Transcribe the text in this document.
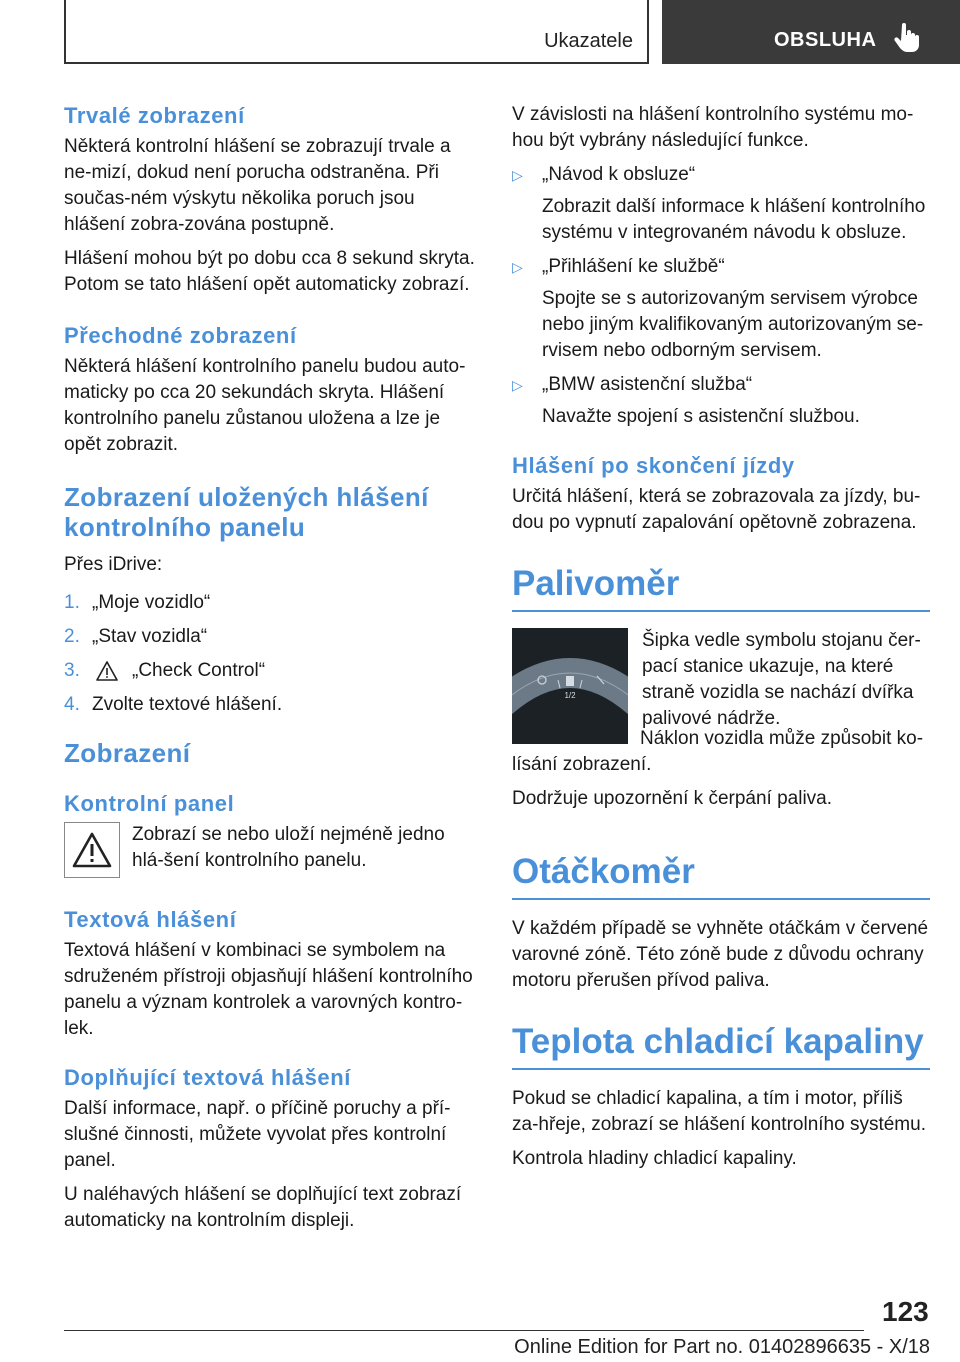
Ukazatele	OBSLUHA
Trvalé zobrazení

Některá kontrolní hlášení se zobrazují trvale a ne-mizí, dokud není porucha odstraněna. Při součas-ném výskytu několika poruch jsou hlášení zobra-zována postupně.

Hlášení mohou být po dobu cca 8 sekund skryta. Potom se tato hlášení opět automaticky zobrazí.

Přechodné zobrazení

Některá hlášení kontrolního panelu budou auto-maticky po cca 20 sekundách skryta. Hlášení kontrolního panelu zůstanou uložena a lze je opět zobrazit.

Zobrazení uložených hlášení kontrolního panelu

Přes iDrive:

1. „Moje vozidlo“
2. „Stav vozidla“
3.	„Check Control“
4. Zvolte textové hlášení.
Zobrazení
Kontrolní panel

Zobrazí se nebo uloží nejméně jedno hlá-šení kontrolního panelu.

Textová hlášení

Textová hlášení v kombinaci se symbolem na sdruženém přístroji objasňují hlášení kontrolního panelu a význam kontrolek a varovných kontro-lek.

Doplňující textová hlášení

Další informace, např. o příčině poruchy a pří-slušné činnosti, můžete vyvolat přes kontrolní panel.

U naléhavých hlášení se doplňující text zobrazí automaticky na kontrolním displeji.

V závislosti na hlášení kontrolního systému mo-hou být vybrány následující funkce.

▷	„Návod k obsluze“

Zobrazit další informace k hlášení kontrolního systému v integrovaném návodu k obsluze.

▷	„Přihlášení ke službě“

Spojte se s autorizovaným servisem výrobce nebo jiným kvalifikovaným autorizovaným se-rvisem nebo odborným servisem.

▷	„BMW asistenční služba“

Navažte spojení s asistenční službou.

Hlášení po skončení jízdy

Určitá hlášení, která se zobrazovala za jízdy, bu-dou po vypnutí zapalování opětovně zobrazena.

Palivoměr
1/2

Šipka vedle symbolu stojanu čer-pací stanice ukazuje, na které straně vozidla se nachází dvířka palivové nádrže.

Náklon vozidla může způsobit ko-lísání zobrazení.

Dodržuje upozornění k čerpání paliva.

Otáčkoměr

V každém případě se vyhněte otáčkám v červené varovné zóně. Této zóně bude z důvodu ochrany motoru přerušen přívod paliva.

Teplota chladicí kapaliny

Pokud se chladicí kapalina, a tím i motor, příliš za-hřeje, zobrazí se hlášení kontrolního systému.

Kontrola hladiny chladicí kapaliny.

123
Online Edition for Part no. 01402896635 - X/18
